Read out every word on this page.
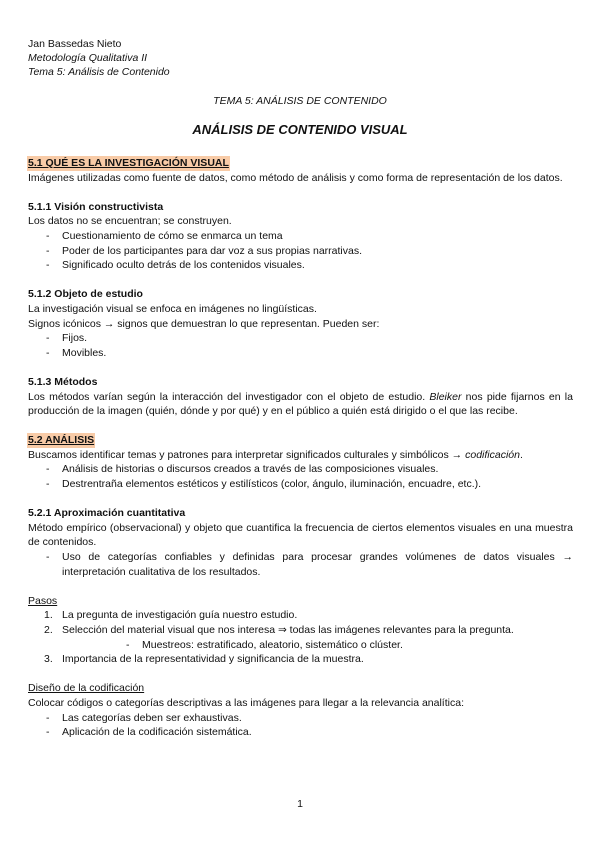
Jan Bassedas Nieto
Metodología Qualitativa II
Tema 5: Análisis de Contenido
TEMA 5: ANÁLISIS DE CONTENIDO
ANÁLISIS DE CONTENIDO VISUAL
5.1 QUÉ ES LA INVESTIGACIÓN VISUAL
Imágenes utilizadas como fuente de datos, como método de análisis y como forma de representación de los datos.
5.1.1 Visión constructivista
Los datos no se encuentran; se construyen.
- Cuestionamiento de cómo se enmarca un tema
- Poder de los participantes para dar voz a sus propias narrativas.
- Significado oculto detrás de los contenidos visuales.
5.1.2 Objeto de estudio
La investigación visual se enfoca en imágenes no lingüísticas.
Signos icónicos → signos que demuestran lo que representan. Pueden ser:
- Fijos.
- Movibles.
5.1.3 Métodos
Los métodos varían según la interacción del investigador con el objeto de estudio. Bleiker nos pide fijarnos en la producción de la imagen (quién, dónde y por qué) y en el público a quién está dirigido o el que las recibe.
5.2 ANÁLISIS
Buscamos identificar temas y patrones para interpretar significados culturales y simbólicos → codificación.
- Análisis de historias o discursos creados a través de las composiciones visuales.
- Destrentraña elementos estéticos y estilísticos (color, ángulo, iluminación, encuadre, etc.).
5.2.1 Aproximación cuantitativa
Método empírico (observacional) y objeto que cuantifica la frecuencia de ciertos elementos visuales en una muestra de contenidos.
- Uso de categorías confiables y definidas para procesar grandes volúmenes de datos visuales → interpretación cualitativa de los resultados.
Pasos
1. La pregunta de investigación guía nuestro estudio.
2. Selección del material visual que nos interesa ⇒ todas las imágenes relevantes para la pregunta.
- Muestreos: estratificado, aleatorio, sistemático o clúster.
3. Importancia de la representatividad y significancia de la muestra.
Diseño de la codificación
Colocar códigos o categorías descriptivas a las imágenes para llegar a la relevancia analítica:
- Las categorías deben ser exhaustivas.
- Aplicación de la codificación sistemática.
1
